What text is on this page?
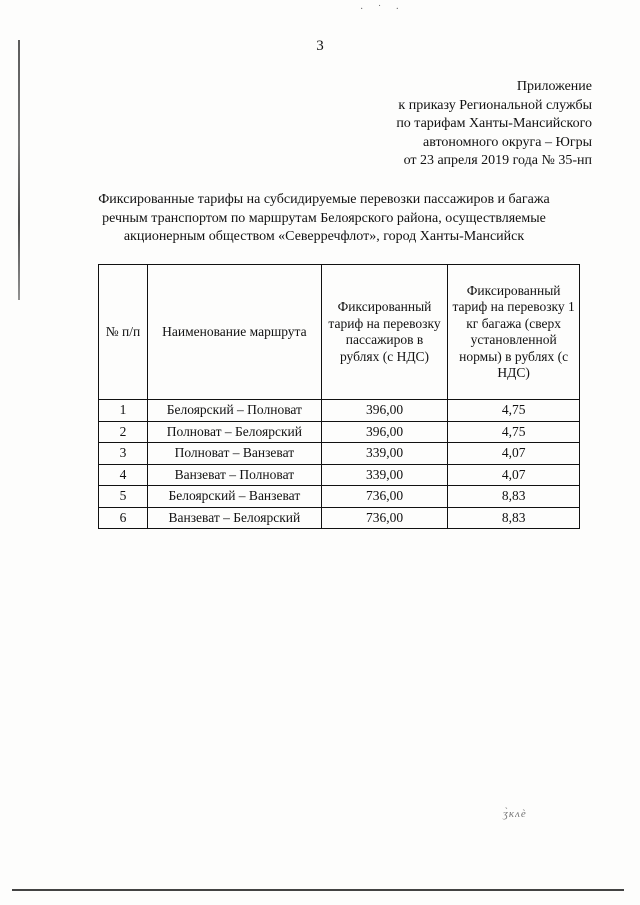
· ˙ ·
3
Приложение
к приказу Региональной службы
по тарифам Ханты-Мансийского
автономного округа – Югры
от 23 апреля 2019 года № 35-нп
Фиксированные тарифы на субсидируемые перевозки пассажиров и багажа
речным транспортом по маршрутам Белоярского района, осуществляемые
акционерным обществом «Северречфлот», город Ханты-Мансийск
№ п/п	Наименование маршрута	Фиксированный тариф на перевозку пассажиров в рублях (с НДС)	Фиксированный тариф на перевозку 1 кг багажа (сверх установленной нормы) в рублях (с НДС)
1	Белоярский – Полноват	396,00	4,75
2	Полноват – Белоярский	396,00	4,75
3	Полноват – Ванзеват	339,00	4,07
4	Ванзеват – Полноват	339,00	4,07
5	Белоярский – Ванзеват	736,00	8,83
6	Ванзеват – Белоярский	736,00	8,83
ʒ̀кʌѐ
